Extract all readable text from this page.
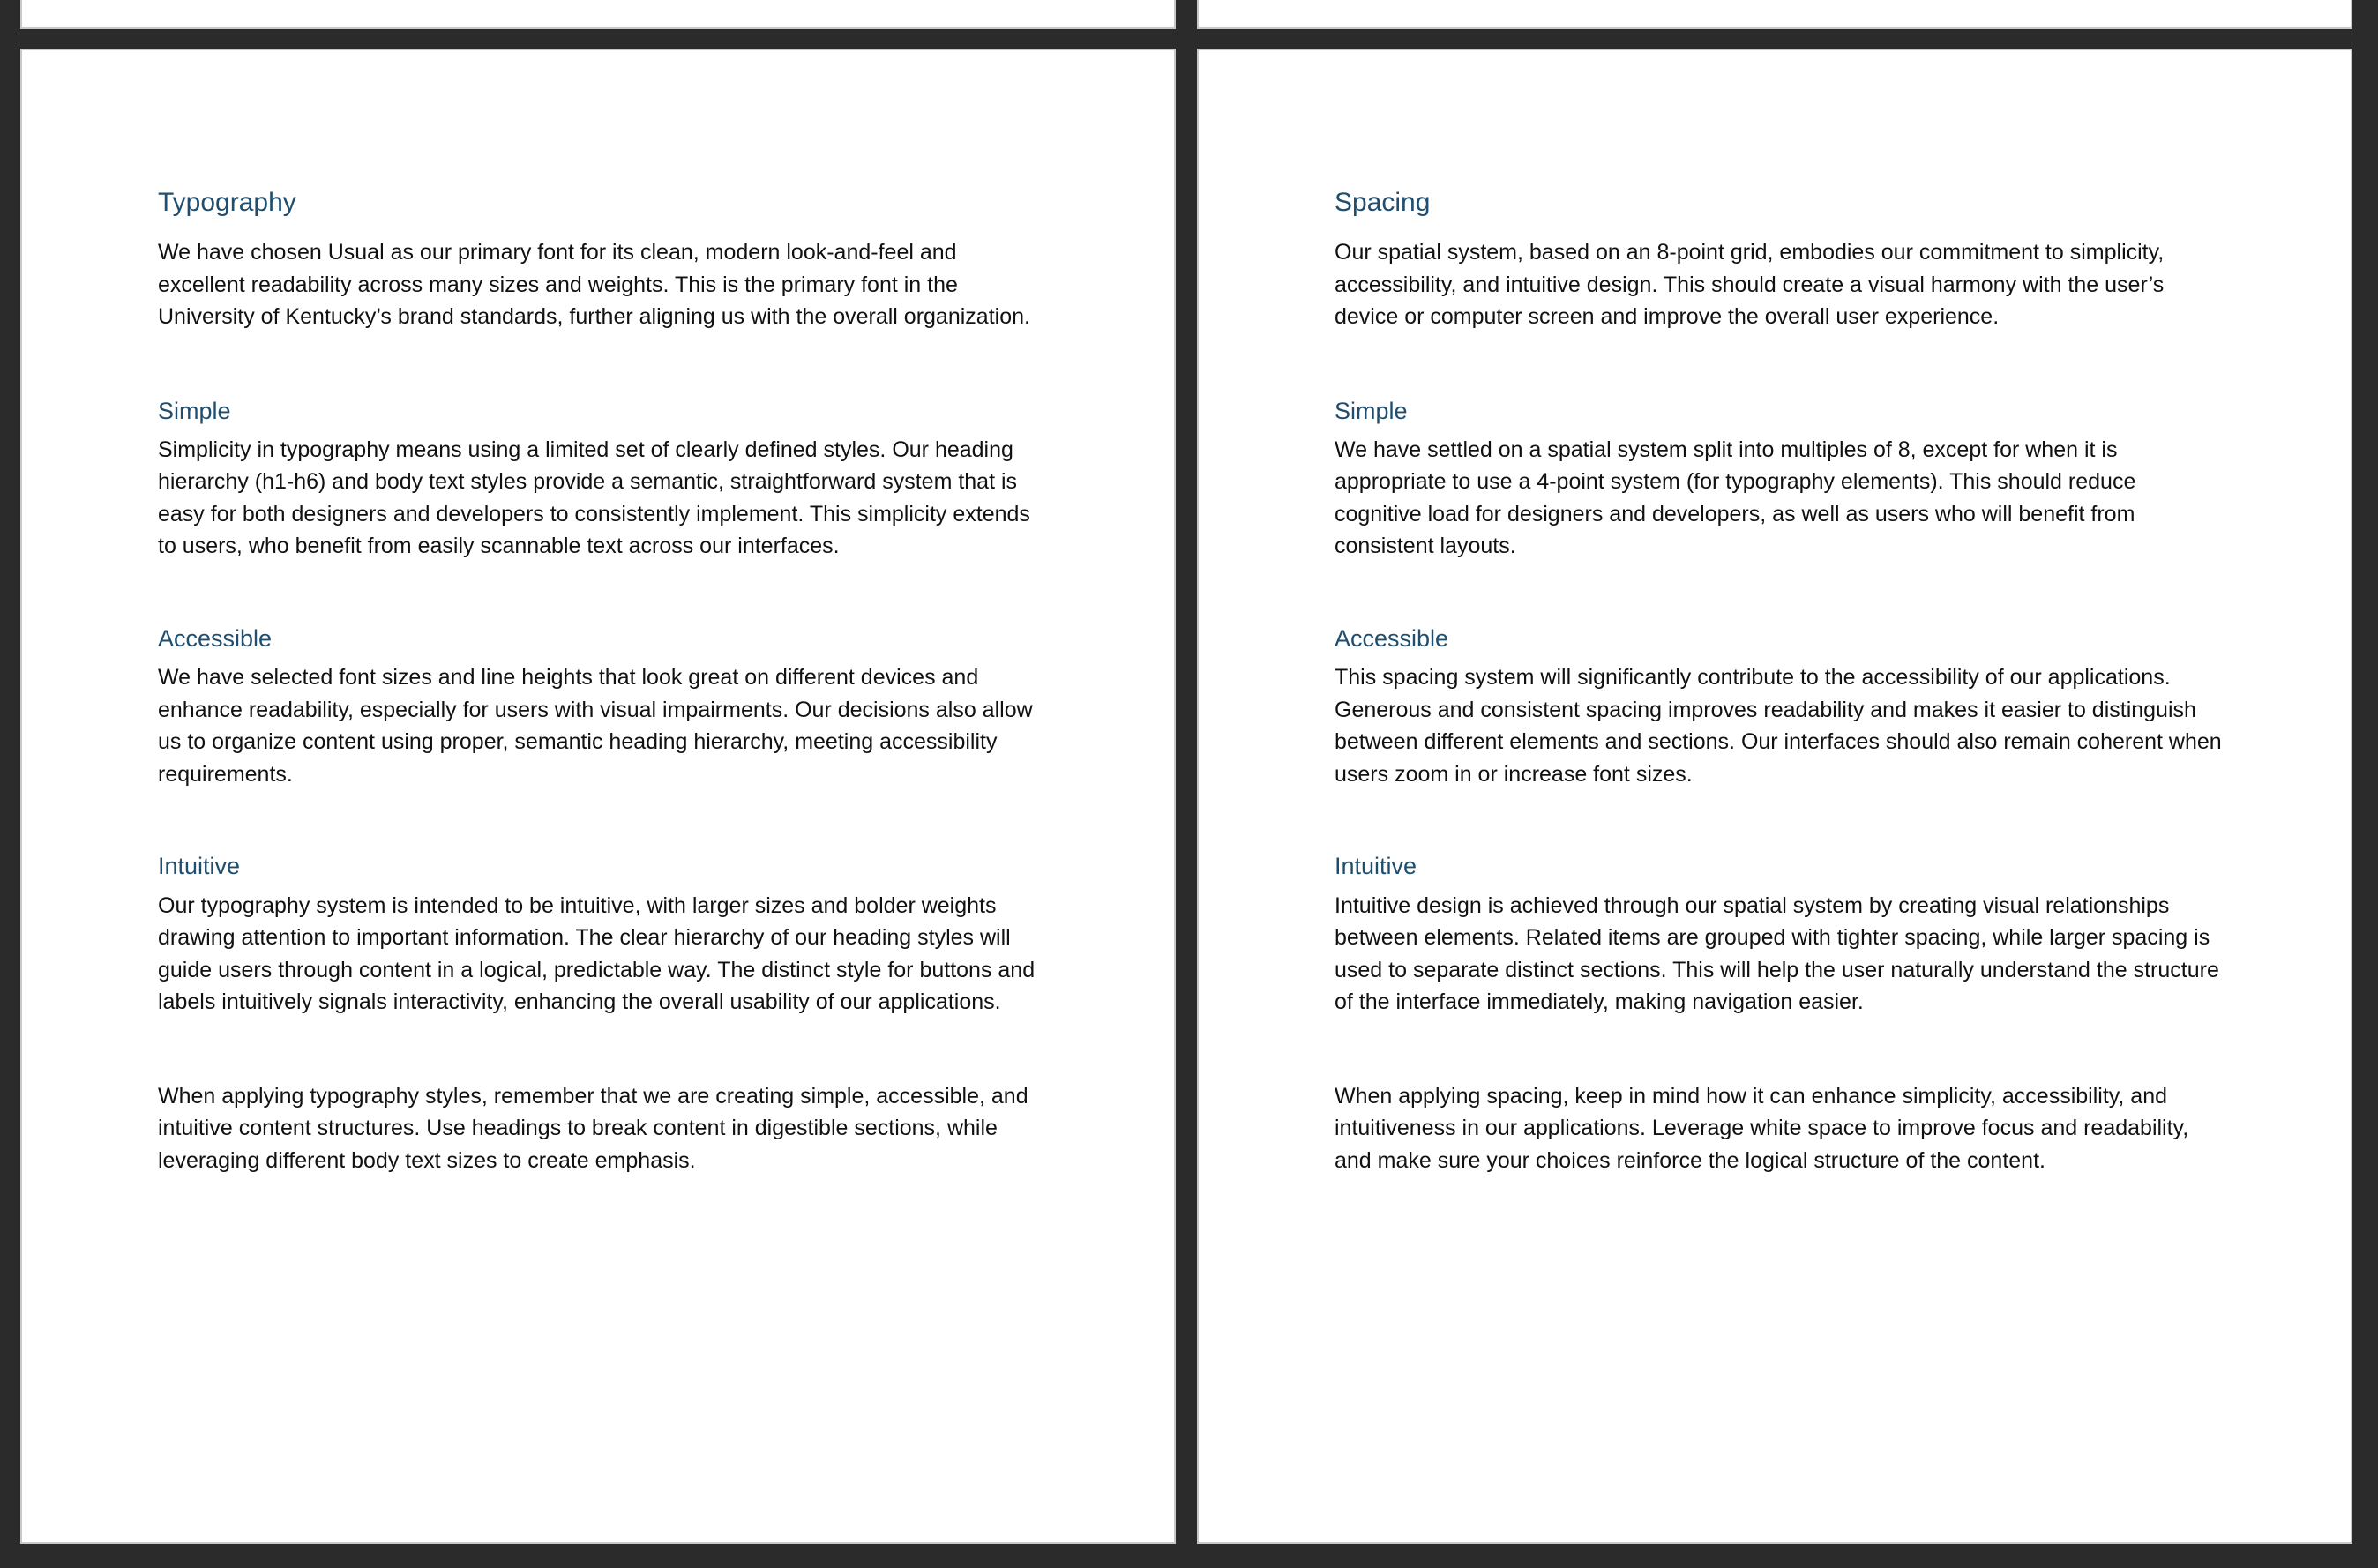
Typography

We have chosen Usual as our primary font for its clean, modern look-and-feel and excellent readability across many sizes and weights. This is the primary font in the University of Kentucky’s brand standards, further aligning us with the overall organization.

Simple

Simplicity in typography means using a limited set of clearly defined styles. Our heading hierarchy (h1-h6) and body text styles provide a semantic, straightforward system that is easy for both designers and developers to consistently implement. This simplicity extends to users, who benefit from easily scannable text across our interfaces.

Accessible

We have selected font sizes and line heights that look great on different devices and enhance readability, especially for users with visual impairments. Our decisions also allow us to organize content using proper, semantic heading hierarchy, meeting accessibility requirements.

Intuitive

Our typography system is intended to be intuitive, with larger sizes and bolder weights drawing attention to important information. The clear hierarchy of our heading styles will guide users through content in a logical, predictable way. The distinct style for buttons and labels intuitively signals interactivity, enhancing the overall usability of our applications.

When applying typography styles, remember that we are creating simple, accessible, and intuitive content structures. Use headings to break content in digestible sections, while leveraging different body text sizes to create emphasis.

Spacing

Our spatial system, based on an 8-point grid, embodies our commitment to simplicity, accessibility, and intuitive design. This should create a visual harmony with the user’s device or computer screen and improve the overall user experience.

Simple

We have settled on a spatial system split into multiples of 8, except for when it is appropriate to use a 4-point system (for typography elements). This should reduce cognitive load for designers and developers, as well as users who will benefit from consistent layouts.

Accessible

This spacing system will significantly contribute to the accessibility of our applications. Generous and consistent spacing improves readability and makes it easier to distinguish between different elements and sections. Our interfaces should also remain coherent when users zoom in or increase font sizes.

Intuitive

Intuitive design is achieved through our spatial system by creating visual relationships between elements. Related items are grouped with tighter spacing, while larger spacing is used to separate distinct sections. This will help the user naturally understand the structure of the interface immediately, making navigation easier.

When applying spacing, keep in mind how it can enhance simplicity, accessibility, and intuitiveness in our applications. Leverage white space to improve focus and readability, and make sure your choices reinforce the logical structure of the content.
